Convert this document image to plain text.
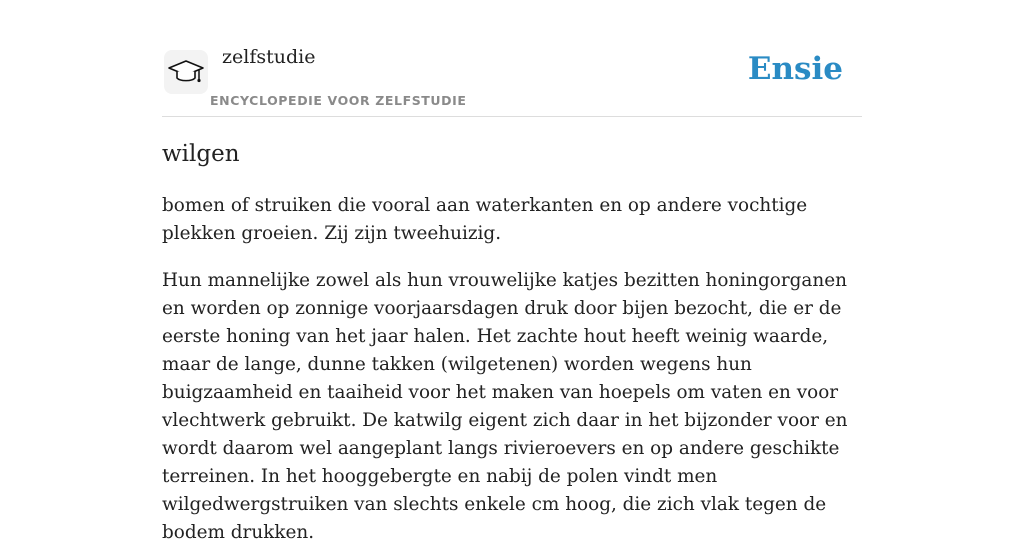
zelfstudie
ENCYCLOPEDIE VOOR ZELFSTUDIE
Ensie
wilgen

bomen of struiken die vooral aan waterkanten en op andere vochtige plekken groeien. Zij zijn tweehuizig.

Hun mannelijke zowel als hun vrouwelijke katjes bezitten honingorganen en worden op zonnige voorjaarsdagen druk door bijen bezocht, die er de eerste honing van het jaar halen. Het zachte hout heeft weinig waarde, maar de lange, dunne takken (wilgetenen) worden wegens hun buigzaamheid en taaiheid voor het maken van hoepels om vaten en voor vlechtwerk gebruikt. De katwilg eigent zich daar in het bijzonder voor en wordt daarom wel aangeplant langs rivieroevers en op andere geschikte terreinen. In het hooggebergte en nabij de polen vindt men wilgedwergstruiken van slechts enkele cm hoog, die zich vlak tegen de bodem drukken.
